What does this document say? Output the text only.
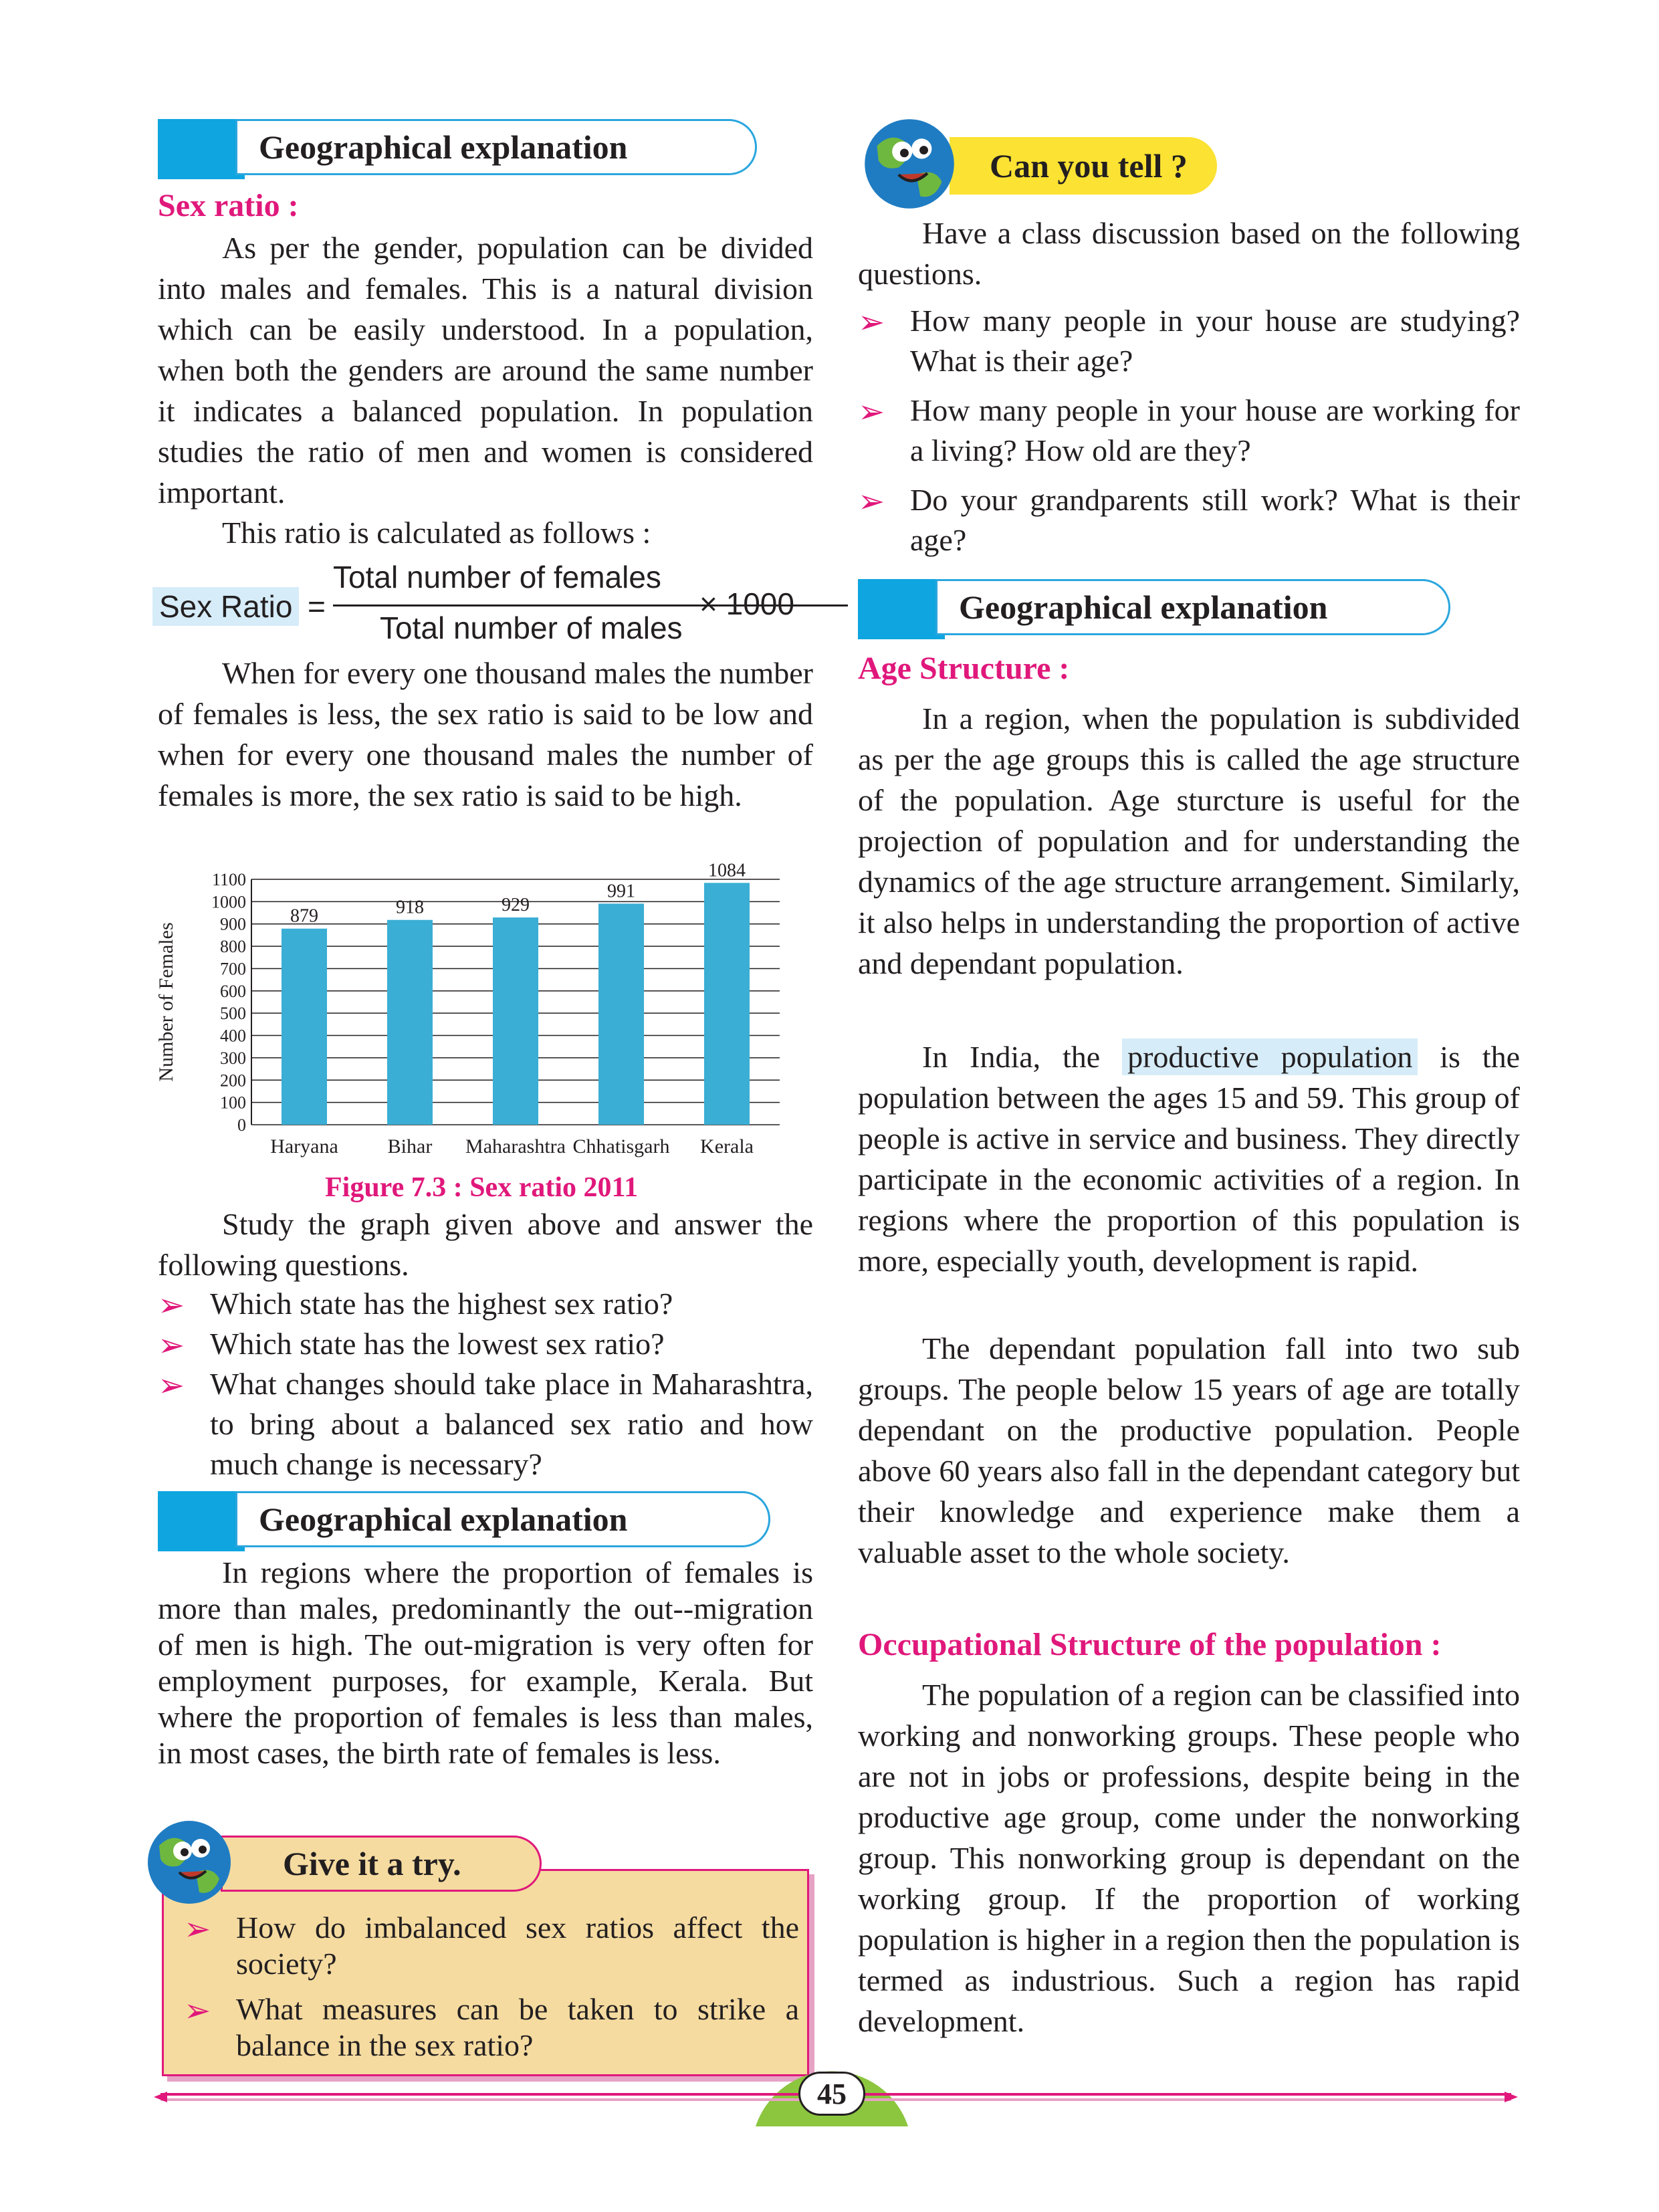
Geographical explanation
Sex ratio :

As per the gender, population can be divided into males and females. This is a natural division which can be easily understood. In a population, when both the genders are around the same number it indicates a balanced population. In population studies the ratio of men and women is considered important.

This ratio is calculated as follows :

Sex Ratio =
Total number of females
Total number of males
× 1000

When for every one thousand males the number of females is less, the sex ratio is said to be low and when for every one thousand males the number of females is more, the sex ratio is said to be high.

0
100
200
300
400
500
600
700
800
900
1000
1100
Number of Females
879
Haryana
918
Bihar
929
Maharashtra
991
Chhatisgarh
1084
Kerala
Figure 7.3 : Sex ratio 2011

Study the graph given above and answer the following questions.

➢ Which state has the highest sex ratio?
➢ Which state has the lowest sex ratio?
➢ What changes should take place in Maharashtra, to bring about a balanced sex ratio and how much change is necessary?
Geographical explanation

In regions where the proportion of females is more than males, predominantly the out--migration of men is high. The out-migration is very often for employment purposes, for example, Kerala. But where the proportion of females is less than males, in most cases, the birth rate of females is less.

➢ How do imbalanced sex ratios affect the society?
➢ What measures can be taken to strike a balance in the sex ratio?
Give it a try.
Can you tell ?

Have a class discussion based on the following questions.

➢ How many people in your house are studying? What is their age?
➢ How many people in your house are working for a living? How old are they?
➢ Do your grandparents still work? What is their age?
Geographical explanation
Age Structure :

In a region, when the population is subdivided as per the age groups this is called the age structure of the population. Age sturcture is useful for the projection of population and for understanding the dynamics of the age structure arrangement. Similarly, it also helps in understanding the proportion of active and dependant population.

In India, the productive population is the population between the ages 15 and 59. This group of people is active in service and business. They directly participate in the economic activities of a region. In regions where the proportion of this population is more, especially youth, development is rapid.

The dependant population fall into two sub groups. The people below 15 years of age are totally dependant on the productive population. People above 60 years also fall in the dependant category but their knowledge and experience make them a valuable asset to the whole society.

Occupational Structure of the population :

The population of a region can be classified into working and nonworking groups. These people who are not in jobs or professions, despite being in the productive age group, come under the nonworking group. This nonworking group is dependant on the working group. If the proportion of working population is higher in a region then the population is termed as industrious. Such a region has rapid development.

45
